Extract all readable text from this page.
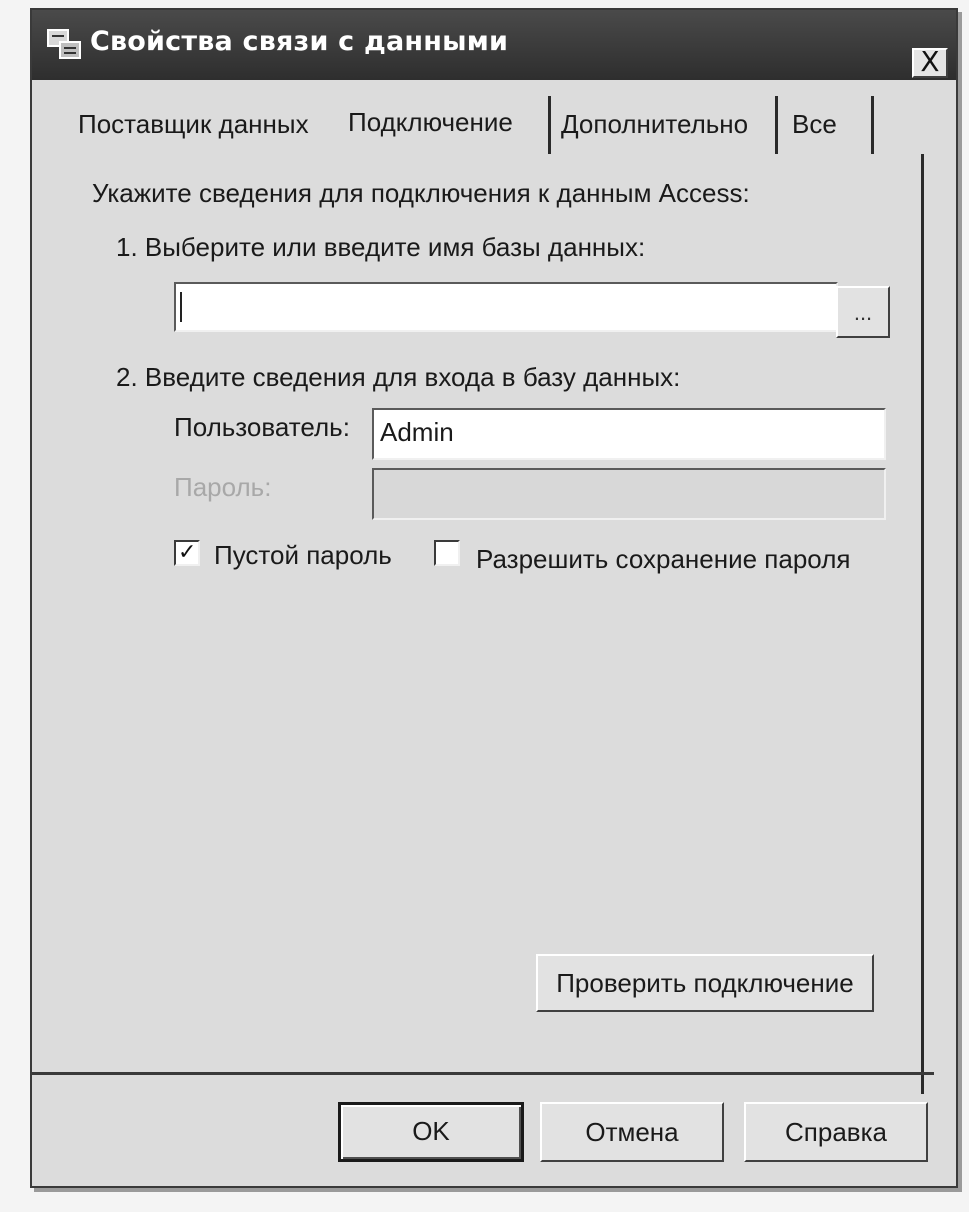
Свойства связи с данными
X
Поставщик данных	Подключение	Дополнительно	Все
Укажите сведения для подключения к данным Access:
1. Выберите или введите имя базы данных:
...
2. Введите сведения для входа в базу данных:
Пользователь:	Admin
Пароль:
✓ Пустой пароль	Разрешить сохранение пароля
Проверить подключение
OK	Отмена	Справка
